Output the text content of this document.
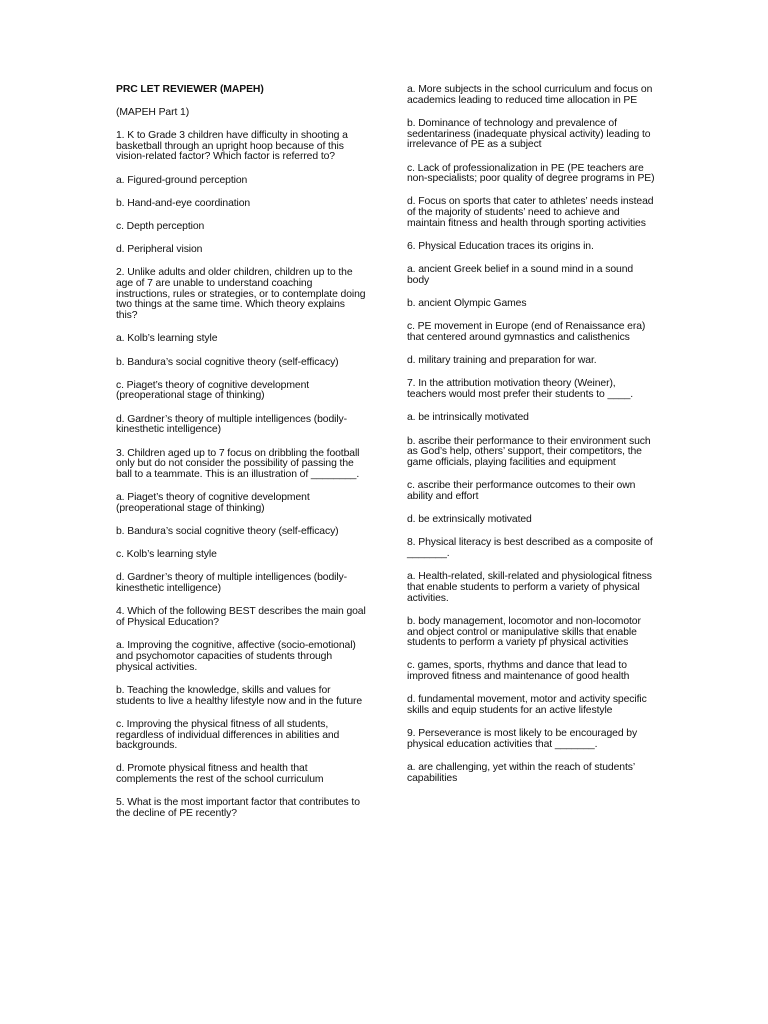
PRC LET REVIEWER (MAPEH)

(MAPEH Part 1)

1. K to Grade 3 children have difficulty in shooting a basketball through an upright hoop because of this vision-related factor? Which factor is referred to?

a. Figured-ground perception

b. Hand-and-eye coordination

c. Depth perception

d. Peripheral vision

2. Unlike adults and older children, children up to the age of 7 are unable to understand coaching instructions, rules or strategies, or to contemplate doing two things at the same time. Which theory explains this?

a. Kolb’s learning style

b. Bandura’s social cognitive theory (self-efficacy)

c. Piaget’s theory of cognitive development (preoperational stage of thinking)

d. Gardner’s theory of multiple intelligences (bodily-kinesthetic intelligence)

3. Children aged up to 7 focus on dribbling the football only but do not consider the possibility of passing the ball to a teammate. This is an illustration of ________.

a. Piaget’s theory of cognitive development (preoperational stage of thinking)

b. Bandura’s social cognitive theory (self-efficacy)

c. Kolb’s learning style

d. Gardner’s theory of multiple intelligences (bodily-kinesthetic intelligence)

4. Which of the following BEST describes the main goal of Physical Education?

a. Improving the cognitive, affective (socio-emotional) and psychomotor capacities of students through physical activities.

b. Teaching the knowledge, skills and values for students to live a healthy lifestyle now and in the future

c. Improving the physical fitness of all students, regardless of individual differences in abilities and backgrounds.

d. Promote physical fitness and health that complements the rest of the school curriculum

5. What is the most important factor that contributes to the decline of PE recently?

a. More subjects in the school curriculum and focus on academics leading to reduced time allocation in PE

b. Dominance of technology and prevalence of sedentariness (inadequate physical activity) leading to irrelevance of PE as a subject

c. Lack of professionalization in PE (PE teachers are non-specialists; poor quality of degree programs in PE)

d. Focus on sports that cater to athletes’ needs instead of the majority of students’ need to achieve and maintain fitness and health through sporting activities

6. Physical Education traces its origins in.

a. ancient Greek belief in a sound mind in a sound body

b. ancient Olympic Games

c. PE movement in Europe (end of Renaissance era) that centered around gymnastics and calisthenics

d. military training and preparation for war.

7. In the attribution motivation theory (Weiner), teachers would most prefer their students to ____.

a. be intrinsically motivated

b. ascribe their performance to their environment such as God’s help, others’ support, their competitors, the game officials, playing facilities and equipment

c. ascribe their performance outcomes to their own ability and effort

d. be extrinsically motivated

8. Physical literacy is best described as a composite of _______.

a. Health-related, skill-related and physiological fitness that enable students to perform a variety of physical activities.

b. body management, locomotor and non-locomotor and object control or manipulative skills that enable students to perform a variety pf physical activities

c. games, sports, rhythms and dance that lead to improved fitness and maintenance of good health

d. fundamental movement, motor and activity specific skills and equip students for an active lifestyle

9. Perseverance is most likely to be encouraged by physical education activities that _______.

a. are challenging, yet within the reach of students’ capabilities
